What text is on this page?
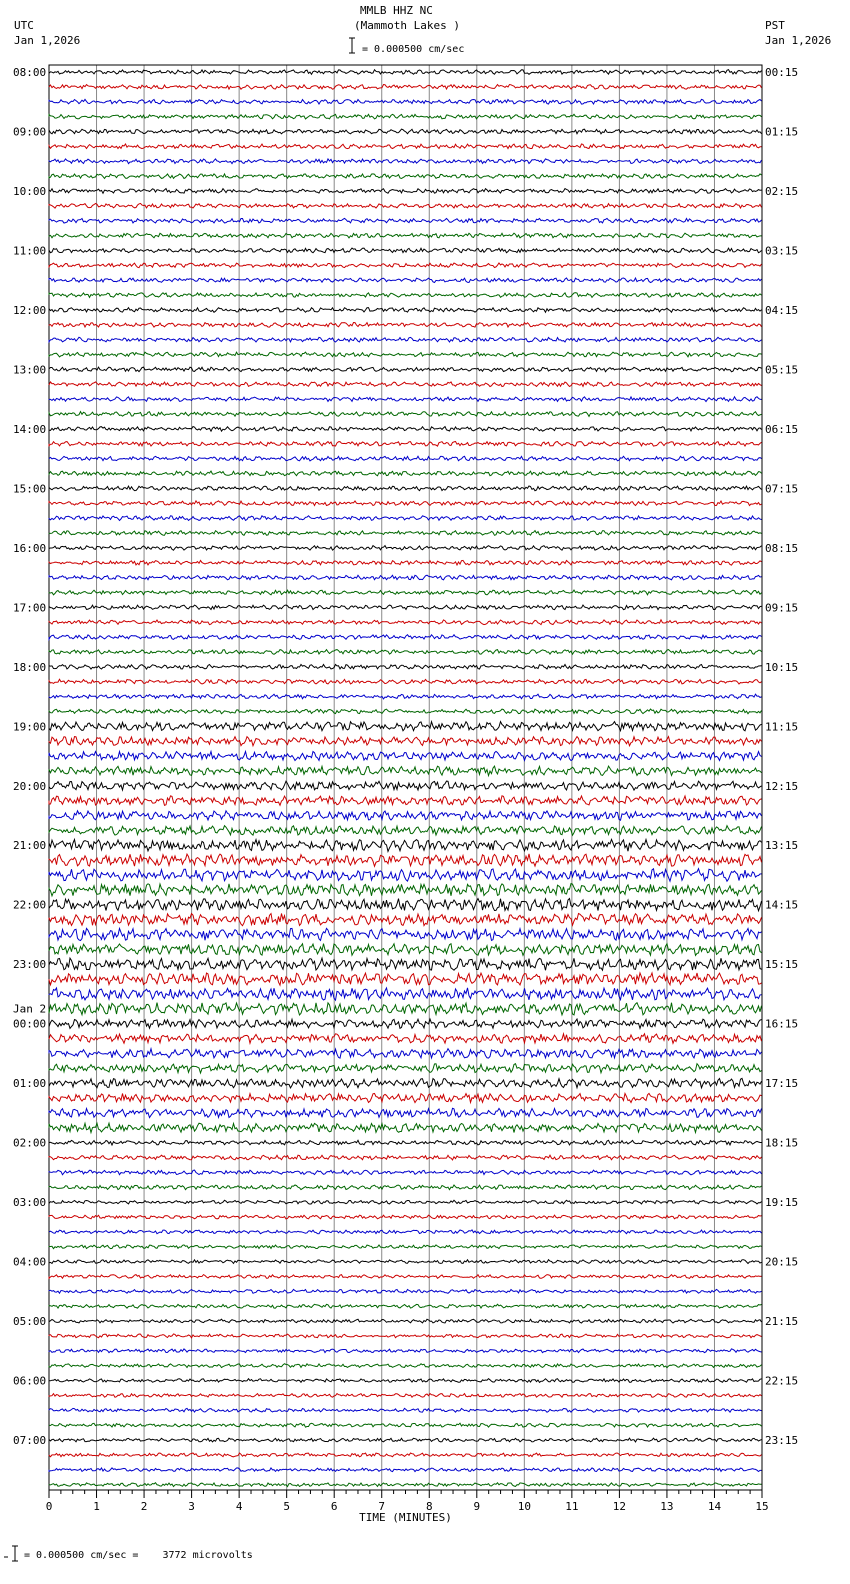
MMLB HHZ NC
(Mammoth Lakes )
UTC
Jan 1,2026
PST
Jan 1,2026
= 0.000500 cm/sec
08:00
09:00
10:00
11:00
12:00
13:00
14:00
15:00
16:00
17:00
18:00
19:00
20:00
21:00
22:00
23:00
00:00
01:00
02:00
03:00
04:00
05:00
06:00
07:00
00:15
01:15
02:15
03:15
04:15
05:15
06:15
07:15
08:15
09:15
10:15
11:15
12:15
13:15
14:15
15:15
16:15
17:15
18:15
19:15
20:15
21:15
22:15
23:15
Jan 2
0	1	2	3	4	5	6	7	8	9	10	11	12	13	14	15
TIME (MINUTES)
= 0.000500 cm/sec =    3772 microvolts
